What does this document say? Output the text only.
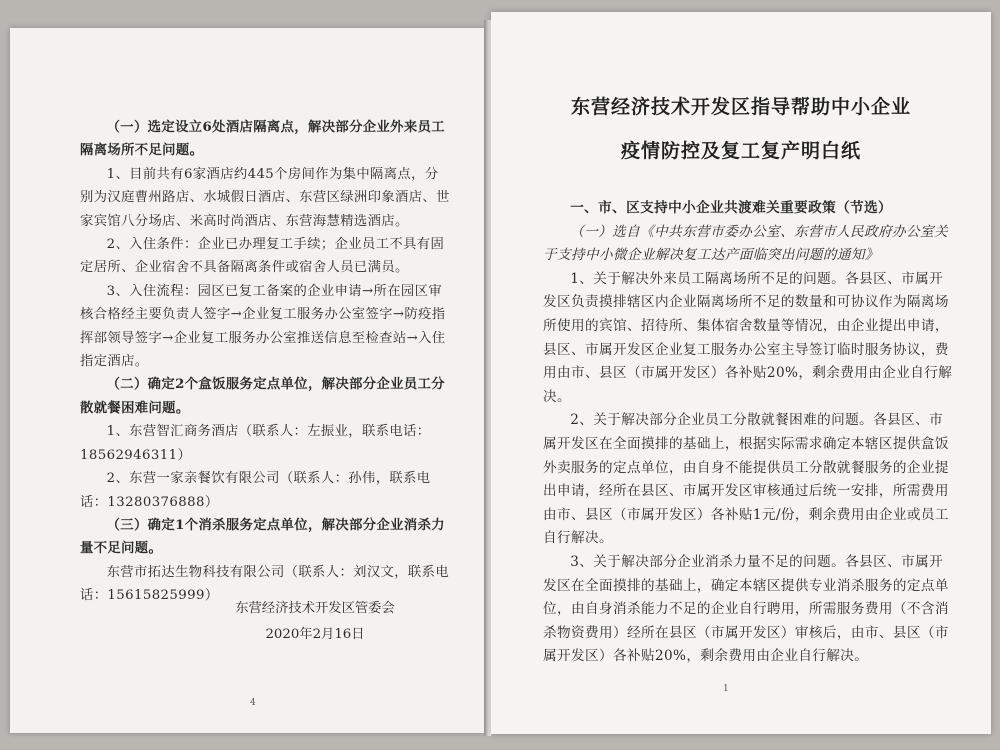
（一）选定设立6处酒店隔离点，解决部分企业外来员工隔离场所不足问题。

1、目前共有6家酒店约445个房间作为集中隔离点，分别为汉庭曹州路店、水城假日酒店、东营区绿洲印象酒店、世家宾馆八分场店、米高时尚酒店、东营海慧精选酒店。

2、入住条件：企业已办理复工手续；企业员工不具有固定居所、企业宿舍不具备隔离条件或宿舍人员已满员。

3、入住流程：园区已复工备案的企业申请→所在园区审核合格经主要负责人签字→企业复工服务办公室签字→防疫指挥部领导签字→企业复工服务办公室推送信息至检查站→入住指定酒店。

（二）确定2个盒饭服务定点单位，解决部分企业员工分散就餐困难问题。

1、东营智汇商务酒店（联系人：左振业，联系电话：18562946311）

2、东营一家亲餐饮有限公司（联系人：孙伟，联系电话：13280376888）

（三）确定1个消杀服务定点单位，解决部分企业消杀力量不足问题。

东营市拓达生物科技有限公司（联系人：刘汉文，联系电话：15615825999）

东营经济技术开发区管委会
2020年2月16日
4
东营经济技术开发区指导帮助中小企业
疫情防控及复工复产明白纸

一、市、区支持中小企业共渡难关重要政策（节选）

（一）选自《中共东营市委办公室、东营市人民政府办公室关于支持中小微企业解决复工达产面临突出问题的通知》

1、关于解决外来员工隔离场所不足的问题。各县区、市属开发区负责摸排辖区内企业隔离场所不足的数量和可协议作为隔离场所使用的宾馆、招待所、集体宿舍数量等情况，由企业提出申请，县区、市属开发区企业复工服务办公室主导签订临时服务协议，费用由市、县区（市属开发区）各补贴20%，剩余费用由企业自行解决。

2、关于解决部分企业员工分散就餐困难的问题。各县区、市属开发区在全面摸排的基础上，根据实际需求确定本辖区提供盒饭外卖服务的定点单位，由自身不能提供员工分散就餐服务的企业提出申请，经所在县区、市属开发区审核通过后统一安排，所需费用由市、县区（市属开发区）各补贴1元/份，剩余费用由企业或员工自行解决。

3、关于解决部分企业消杀力量不足的问题。各县区、市属开发区在全面摸排的基础上，确定本辖区提供专业消杀服务的定点单位，由自身消杀能力不足的企业自行聘用，所需服务费用（不含消杀物资费用）经所在县区（市属开发区）审核后，由市、县区（市属开发区）各补贴20%，剩余费用由企业自行解决。

1
